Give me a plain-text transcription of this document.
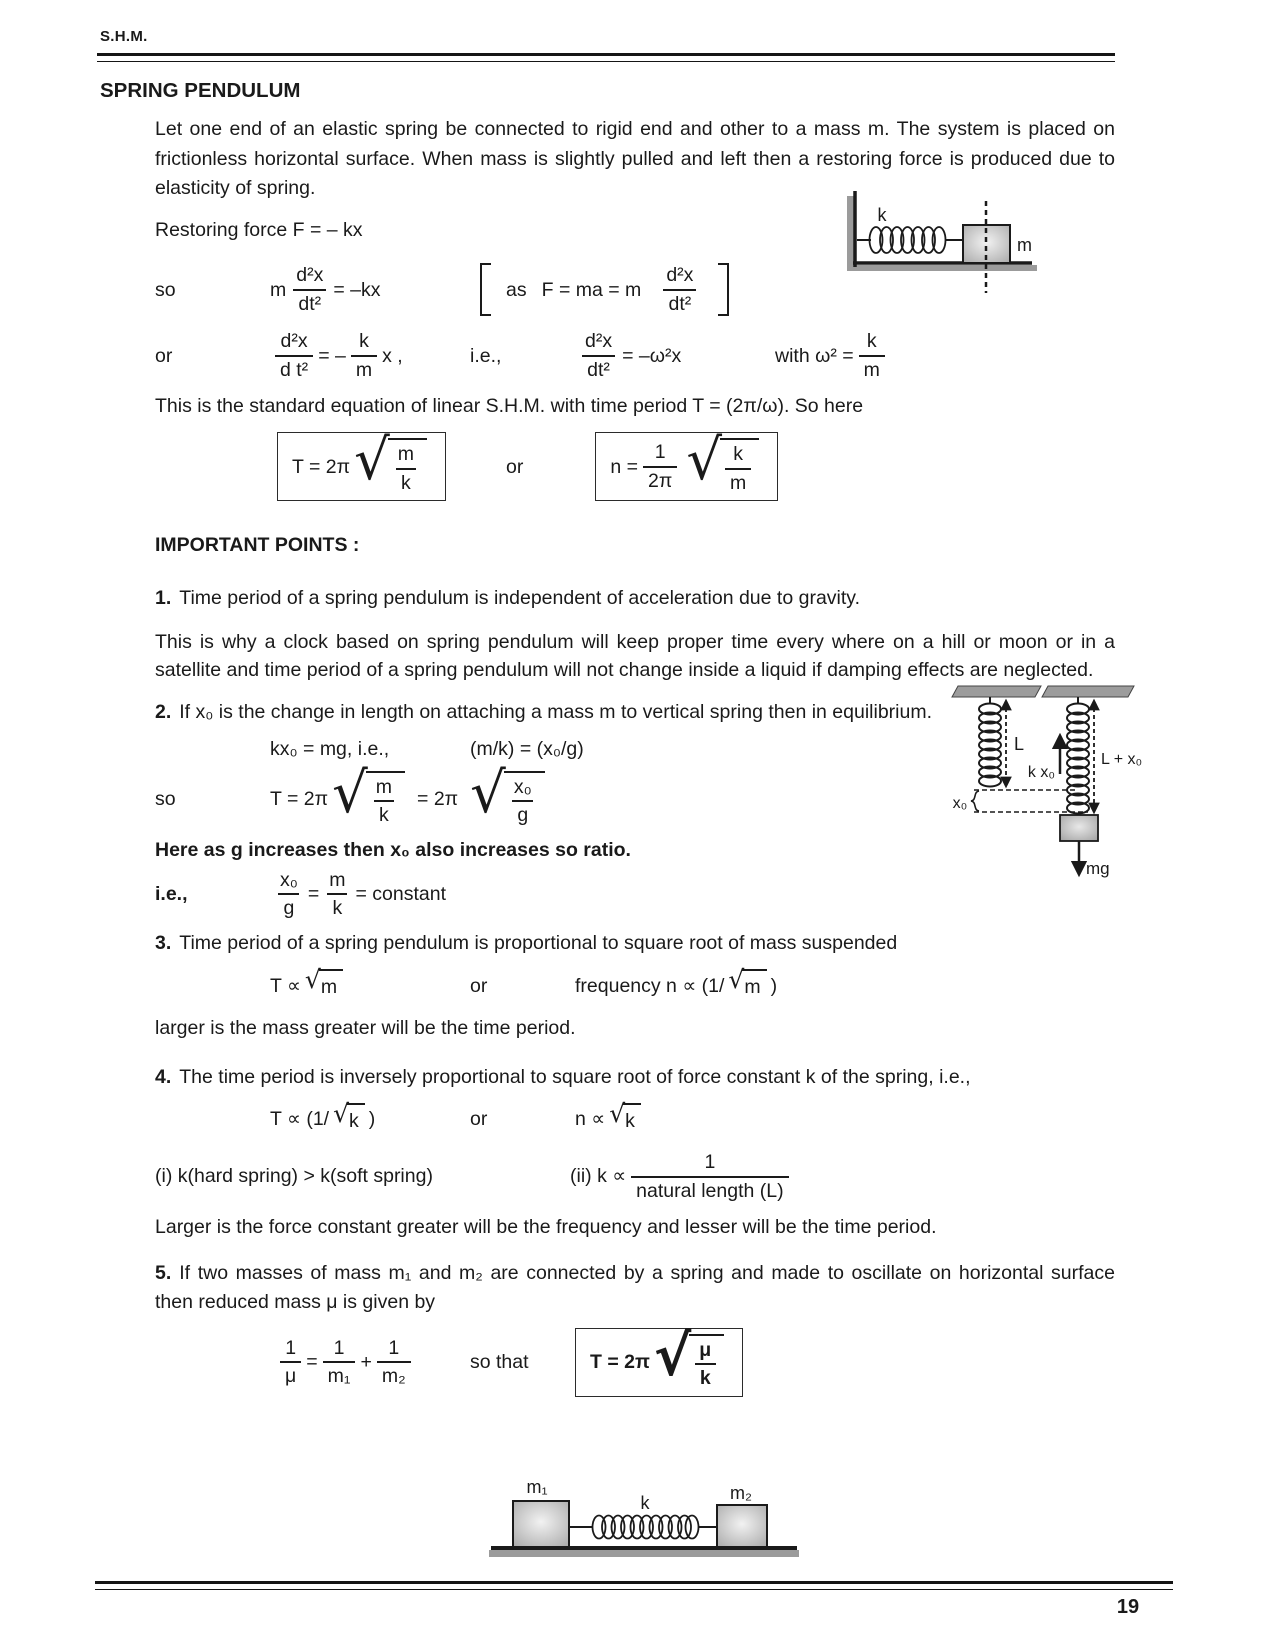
S.H.M.
SPRING PENDULUM

Let one end of an elastic spring be connected to rigid end and other to a mass m. The system is placed on frictionless horizontal surface. When mass is slightly pulled and left then a restoring force is produced due to elasticity of spring.

Restoring force F = – kx

so	m $\frac{\text{d²x}}{\text{dt²}} = -kx$	as F = ma = m $\frac{\text{d²x}}{\text{dt²}}$
or	$\frac{\text{d²x}}{\text{d t²}}$ = – $\frac{k}{m}$ x ,	i.e.,	$\frac{\text{d²x}}{\text{dt²}} = -\omega^2x$	with $\omega^2 = \frac{k}{m}$

This is the standard equation of linear S.H.M. with time period T = (2π/ω). So here

T = 2π √ $\frac{m}{k}$	or	$n = \frac{1}{2\pi}$ √ $\frac{k}{m}$

IMPORTANT POINTS :

1. Time period of a spring pendulum is independent of acceleration due to gravity.

This is why a clock based on spring pendulum will keep proper time every where on a hill or moon or in a satellite and time period of a spring pendulum will not change inside a liquid if damping effects are neglected.

2. If x₀ is the change in length on attaching a mass m to vertical spring then in equilibrium.

kx₀ = mg, i.e.,	(m/k) = (x₀/g)
so	T = 2π √ $\frac{m}{k} = 2\pi$ √ $\frac{\text{x₀}}{g}$

Here as g increases then x₀ also increases so ratio.

i.e.,	$\frac{\text{x₀}}{g} = \frac{m}{k}$ = constant

3. Time period of a spring pendulum is proportional to square root of mass suspended

T ∝ √ m	or	frequency n ∝ (1/ √ m )

larger is the mass greater will be the time period.

4. The time period is inversely proportional to square root of force constant k of the spring, i.e.,

T ∝ (1/ √ k )	or	n ∝ √ k
(i) k(hard spring) > k(soft spring)	(ii) $k \propto \frac{1}{\text{natural length (L)}}$

Larger is the force constant greater will be the frequency and lesser will be the time period.

5. If two masses of mass m₁ and m₂ are connected by a spring and made to oscillate on horizontal surface then reduced mass μ is given by

$\frac{1}{\mu} = \frac{1}{\text{m₁}} + \frac{1}{\text{m₂}}$	so that	T = 2π √ $\frac{\mu}{k}$
m₁
k	m₂
k
m
L
x₀
k x₀
L + x₀
mg
19
